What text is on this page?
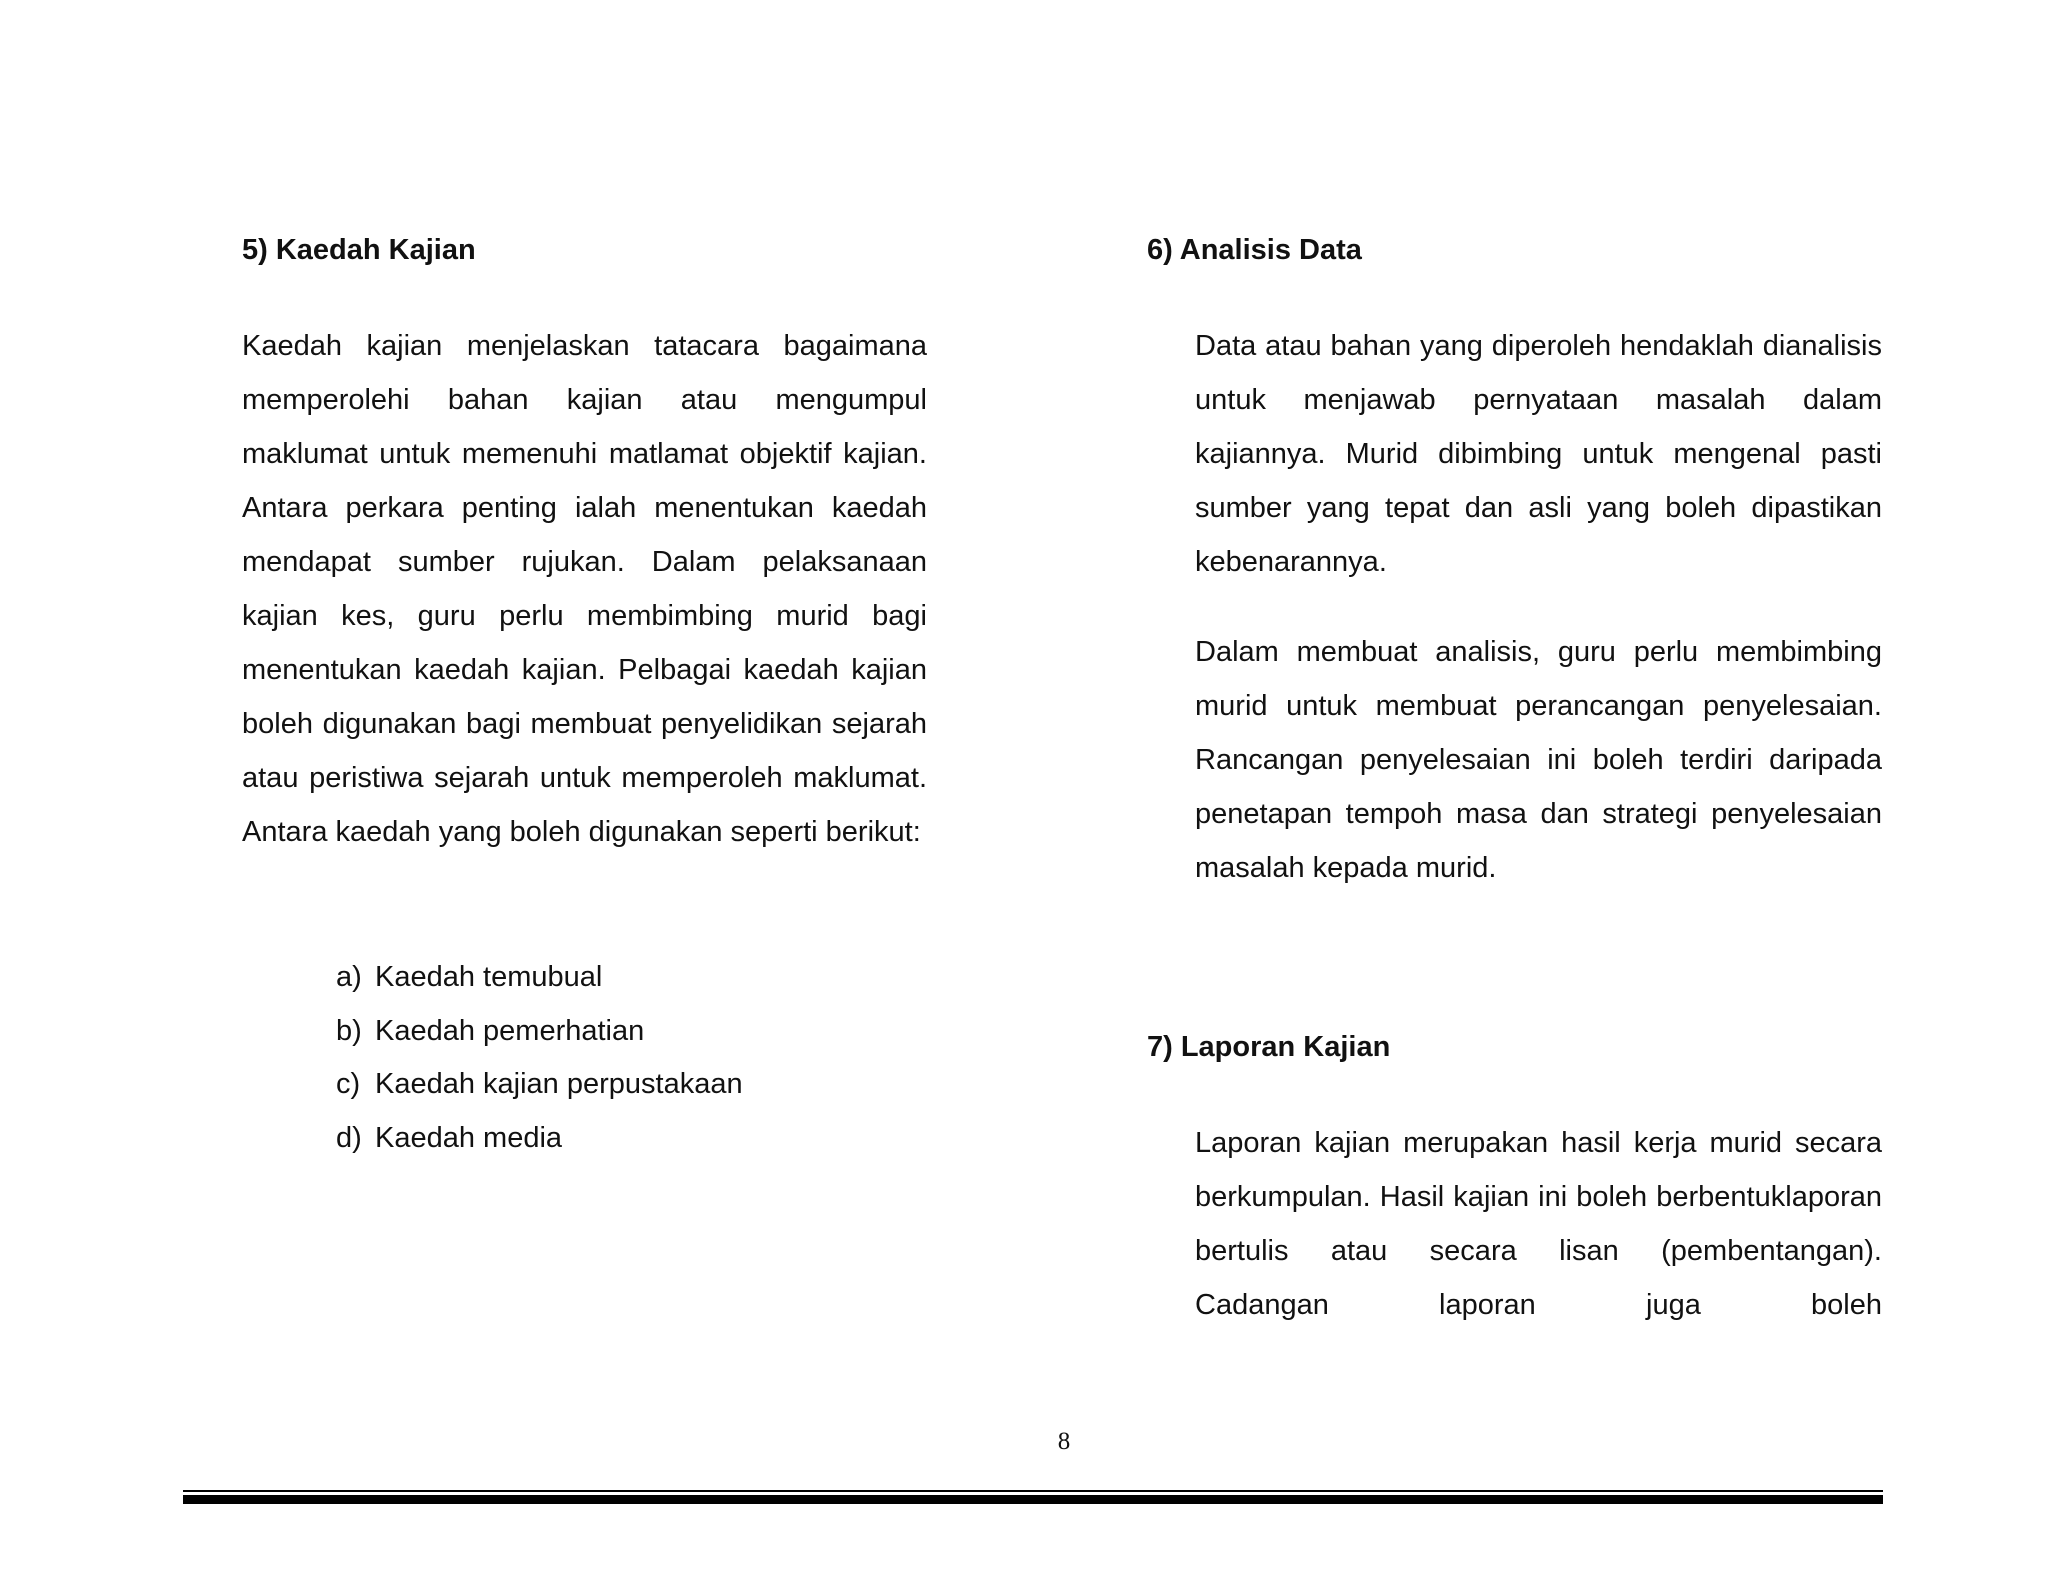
5) Kaedah Kajian
Kaedah kajian menjelaskan tatacara bagaimana memperolehi bahan kajian atau mengumpul maklumat untuk memenuhi matlamat objektif kajian. Antara perkara penting ialah menentukan kaedah mendapat sumber rujukan. Dalam pelaksanaan kajian kes, guru perlu membimbing murid bagi menentukan kaedah kajian. Pelbagai kaedah kajian boleh digunakan bagi membuat penyelidikan sejarah atau peristiwa sejarah untuk memperoleh maklumat. Antara kaedah yang boleh digunakan seperti berikut:
a) Kaedah temubual
b) Kaedah pemerhatian
c) Kaedah kajian perpustakaan
d) Kaedah media
6) Analisis Data
Data atau bahan yang diperoleh hendaklah dianalisis untuk menjawab pernyataan masalah dalam kajiannya. Murid dibimbing untuk mengenal pasti sumber yang tepat dan asli yang boleh dipastikan kebenarannya.
Dalam membuat analisis, guru perlu membimbing murid untuk membuat perancangan penyelesaian. Rancangan penyelesaian ini boleh terdiri daripada penetapan tempoh masa dan strategi penyelesaian masalah kepada murid.
7) Laporan Kajian
Laporan kajian merupakan hasil kerja murid secara berkumpulan. Hasil kajian ini boleh berbentuklaporan bertulis atau secara lisan (pembentangan). Cadangan laporan juga boleh
8
